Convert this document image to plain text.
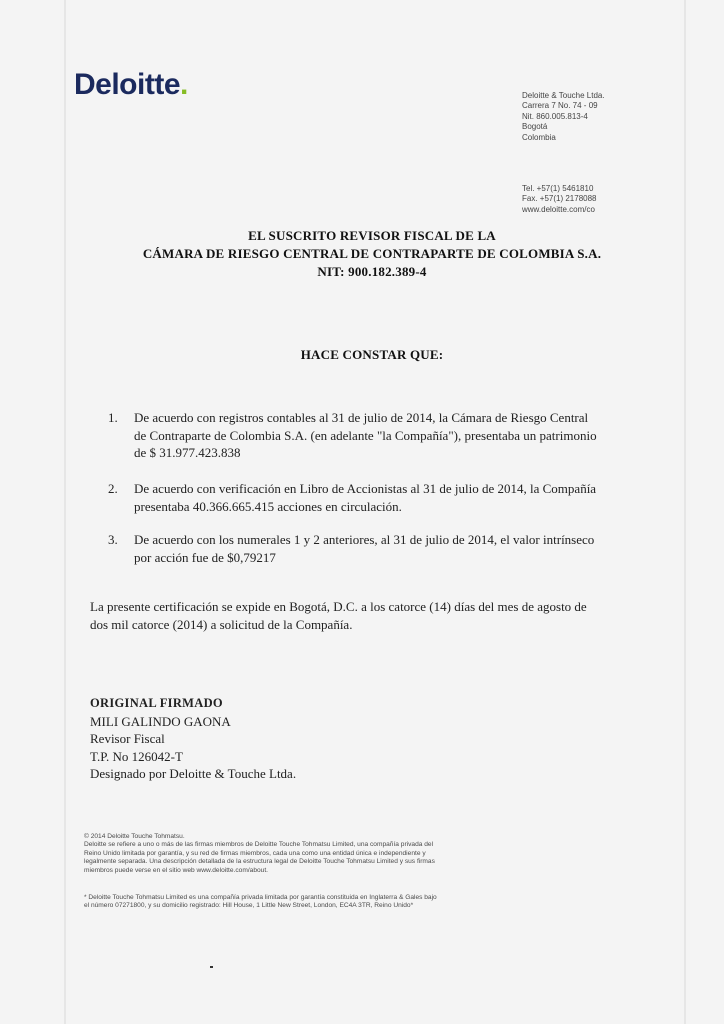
Deloitte.	Deloitte & Touche Ltda.
Carrera 7 No. 74 - 09
Nit. 860.005.813-4
Bogotá
Colombia
Tel. +57(1) 5461810
Fax. +57(1) 2178088
www.deloitte.com/co
EL SUSCRITO REVISOR FISCAL DE LA
CÁMARA DE RIESGO CENTRAL DE CONTRAPARTE DE COLOMBIA S.A.
NIT: 900.182.389-4
HACE CONSTAR QUE:
1.	De acuerdo con registros contables al 31 de julio de 2014, la Cámara de Riesgo Central
de Contraparte de Colombia S.A. (en adelante "la Compañía"), presentaba un patrimonio
de $ 31.977.423.838
2.	De acuerdo con verificación en Libro de Accionistas al 31 de julio de 2014, la Compañía
presentaba 40.366.665.415 acciones en circulación.
3.	De acuerdo con los numerales 1 y 2 anteriores, al 31 de julio de 2014, el valor intrínseco
por acción fue de $0,79217
La presente certificación se expide en Bogotá, D.C. a los catorce (14) días del mes de agosto de
dos mil catorce (2014) a solicitud de la Compañía.
ORIGINAL FIRMADO
MILI GALINDO GAONA
Revisor Fiscal
T.P. No 126042-T
Designado por Deloitte & Touche Ltda.
© 2014 Deloitte Touche Tohmatsu.
Deloitte se refiere a uno o más de las firmas miembros de Deloitte Touche Tohmatsu Limited, una compañía privada del
Reino Unido limitada por garantía, y su red de firmas miembros, cada una como una entidad única e independiente y
legalmente separada. Una descripción detallada de la estructura legal de Deloitte Touche Tohmatsu Limited y sus firmas
miembros puede verse en el sitio web www.deloitte.com/about.
* Deloitte Touche Tohmatsu Limited es una compañía privada limitada por garantía constituida en Inglaterra & Gales bajo
el número 07271800, y su domicilio registrado: Hill House, 1 Little New Street, London, EC4A 3TR, Reino Unido*
